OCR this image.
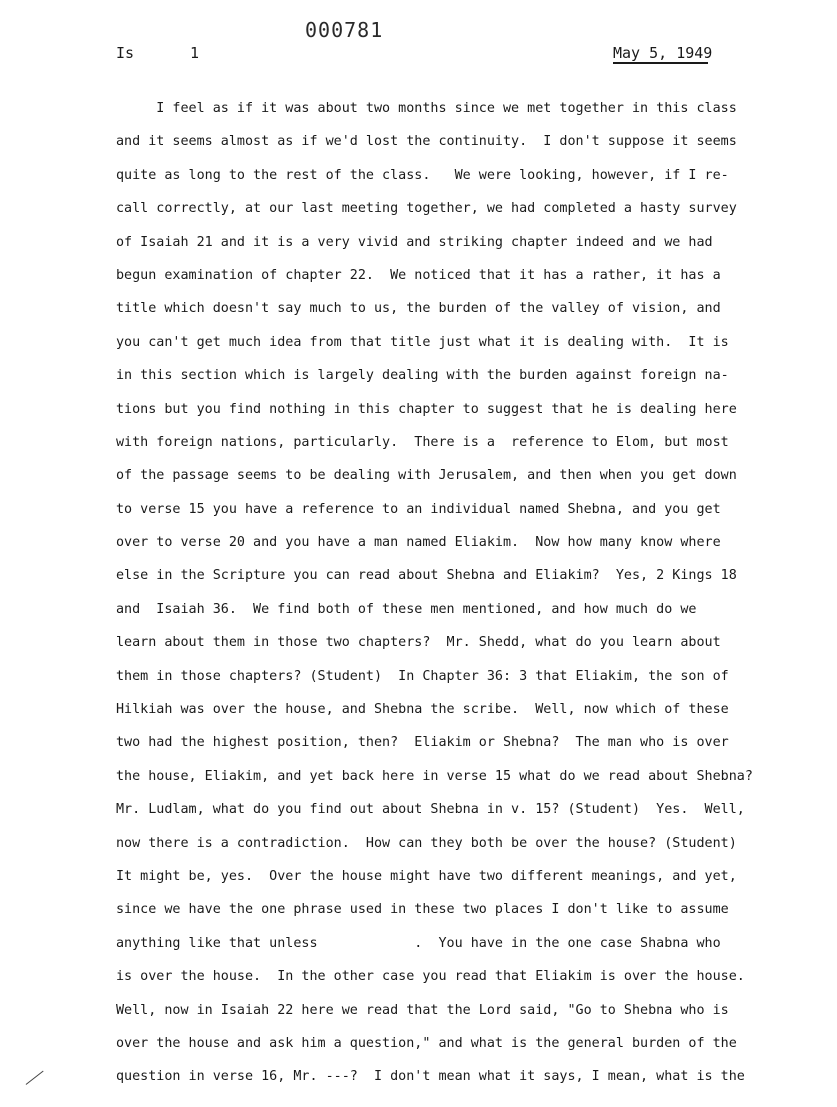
000781
Is	1	May 5, 1949
I feel as if it was about two months since we met together in this class
and it seems almost as if we'd lost the continuity.  I don't suppose it seems
quite as long to the rest of the class.   We were looking, however, if I re-
call correctly, at our last meeting together, we had completed a hasty survey
of Isaiah 21 and it is a very vivid and striking chapter indeed and we had
begun examination of chapter 22.  We noticed that it has a rather, it has a
title which doesn't say much to us, the burden of the valley of vision, and
you can't get much idea from that title just what it is dealing with.  It is
in this section which is largely dealing with the burden against foreign na-
tions but you find nothing in this chapter to suggest that he is dealing here
with foreign nations, particularly.  There is a  reference to Elom, but most
of the passage seems to be dealing with Jerusalem, and then when you get down
to verse 15 you have a reference to an individual named Shebna, and you get
over to verse 20 and you have a man named Eliakim.  Now how many know where
else in the Scripture you can read about Shebna and Eliakim?  Yes, 2 Kings 18
and  Isaiah 36.  We find both of these men mentioned, and how much do we
learn about them in those two chapters?  Mr. Shedd, what do you learn about
them in those chapters? (Student)  In Chapter 36: 3 that Eliakim, the son of
Hilkiah was over the house, and Shebna the scribe.  Well, now which of these
two had the highest position, then?  Eliakim or Shebna?  The man who is over
the house, Eliakim, and yet back here in verse 15 what do we read about Shebna?
Mr. Ludlam, what do you find out about Shebna in v. 15? (Student)  Yes.  Well,
now there is a contradiction.  How can they both be over the house? (Student)
It might be, yes.  Over the house might have two different meanings, and yet,
since we have the one phrase used in these two places I don't like to assume
anything like that unless            .  You have in the one case Shabna who
is over the house.  In the other case you read that Eliakim is over the house.
Well, now in Isaiah 22 here we read that the Lord said, "Go to Shebna who is
over the house and ask him a question," and what is the general burden of the
question in verse 16, Mr. ---?  I don't mean what it says, I mean, what is the
